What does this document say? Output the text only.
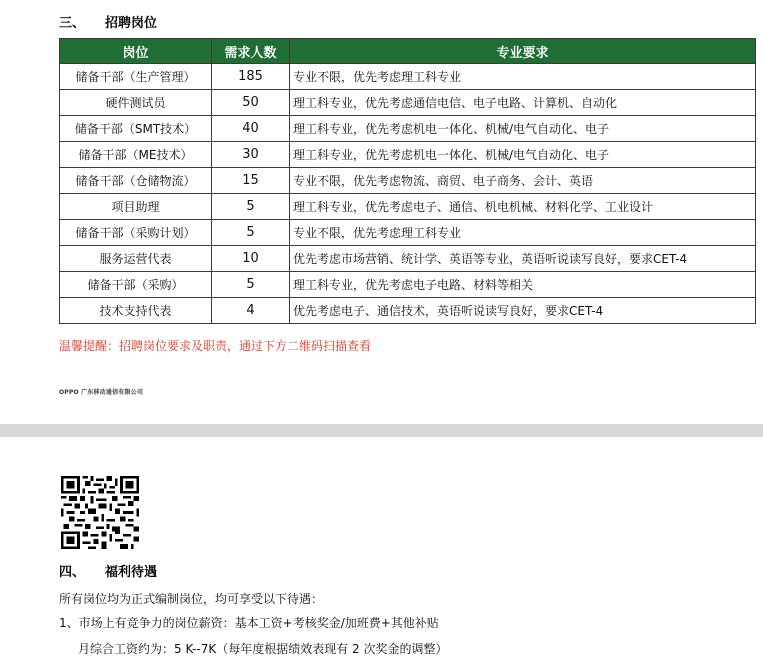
三、 招聘岗位
岗位	需求人数	专业要求
储备干部（生产管理）	185	专业不限，优先考虑理工科专业
硬件测试员	50	理工科专业，优先考虑通信电信、电子电路、计算机、自动化
储备干部（SMT技术）	40	理工科专业，优先考虑机电一体化、机械/电气自动化、电子
储备干部（ME技术）	30	理工科专业，优先考虑机电一体化、机械/电气自动化、电子
储备干部（仓储物流）	15	专业不限，优先考虑物流、商贸、电子商务、会计、英语
项目助理	5	理工科专业，优先考虑电子、通信、机电机械、材料化学、工业设计
储备干部（采购计划）	5	专业不限，优先考虑理工科专业
服务运营代表	10	优先考虑市场营销、统计学、英语等专业，英语听说读写良好，要求CET-4
储备干部（采购）	5	理工科专业，优先考虑电子电路、材料等相关
技术支持代表	4	优先考虑电子、通信技术，英语听说读写良好，要求CET-4
温馨提醒：招聘岗位要求及职责，通过下方二维码扫描查看
OPPO 广东移动通信有限公司
四、 福利待遇
所有岗位均为正式编制岗位，均可享受以下待遇：
1、市场上有竞争力的岗位薪资：基本工资+考核奖金/加班费+其他补贴
月综合工资约为：5 K--7K（每年度根据绩效表现有 2 次奖金的调整）
